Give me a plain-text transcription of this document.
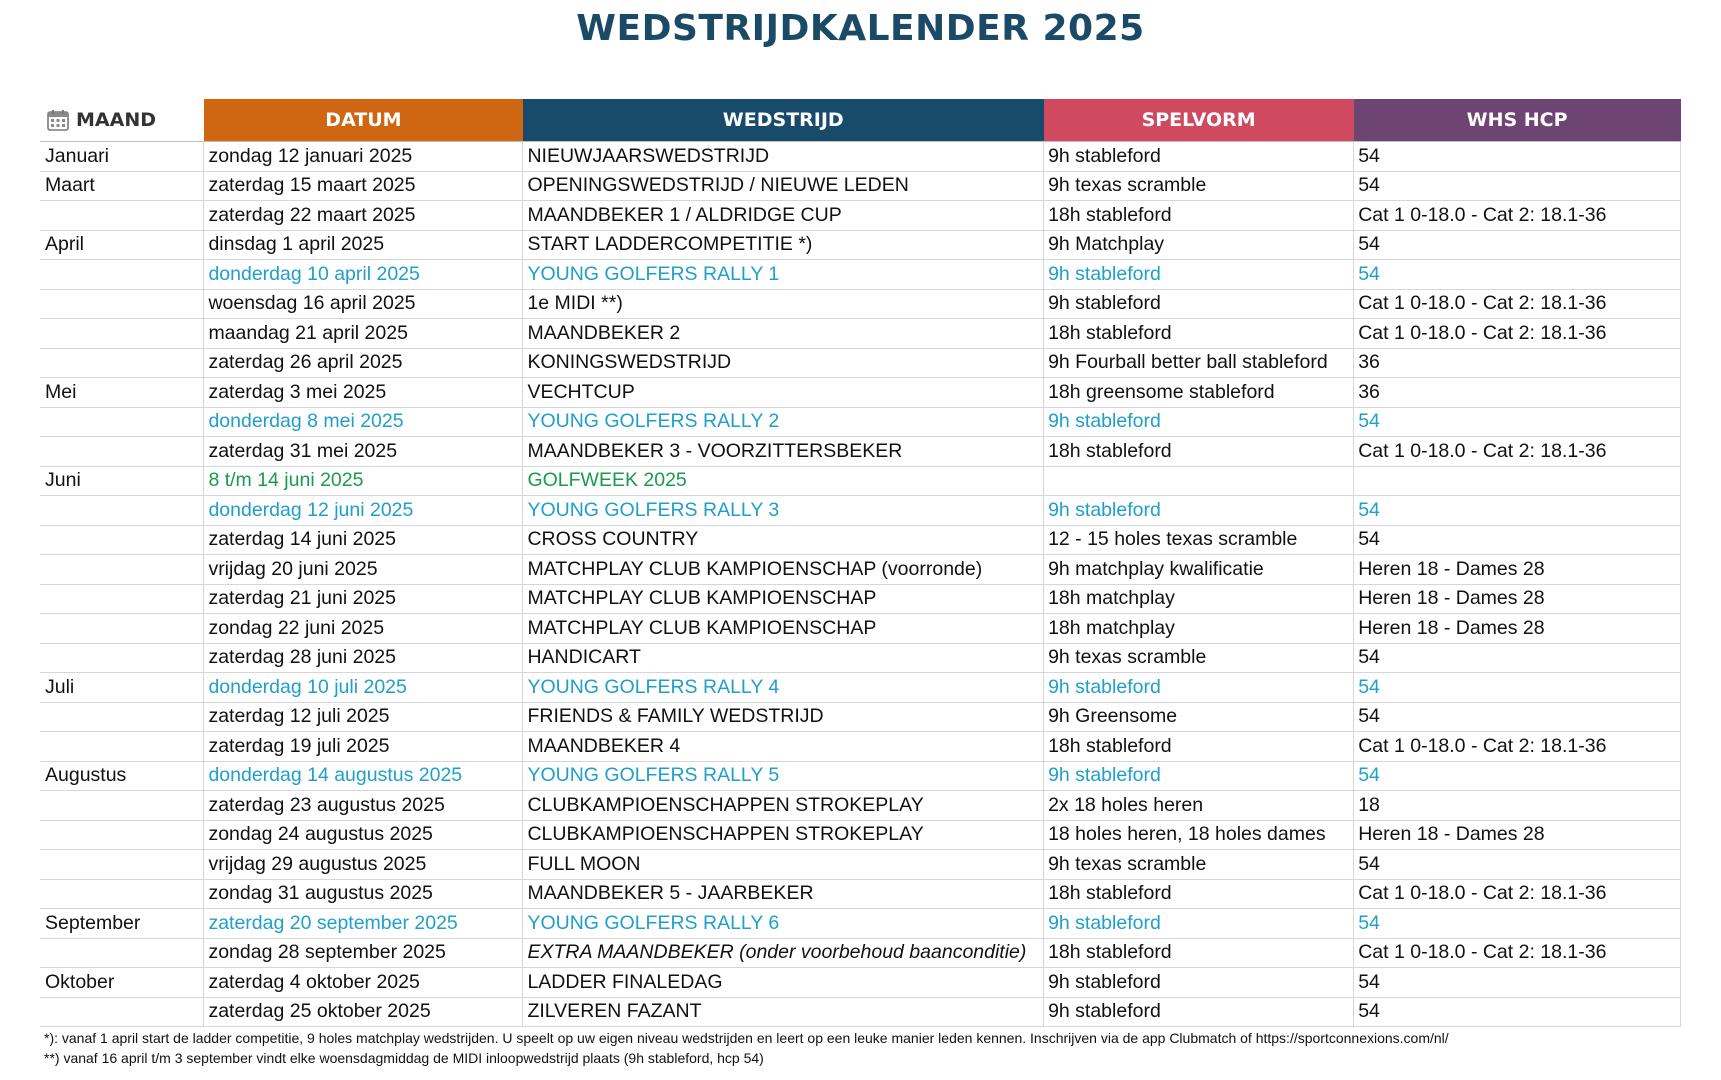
WEDSTRIJDKALENDER 2025
MAAND	DATUM	WEDSTRIJD	SPELVORM	WHS HCP
Januari	zondag 12 januari 2025	NIEUWJAARSWEDSTRIJD	9h stableford	54
Maart	zaterdag 15 maart 2025	OPENINGSWEDSTRIJD / NIEUWE LEDEN	9h texas scramble	54
	zaterdag 22 maart 2025	MAANDBEKER 1 / ALDRIDGE CUP	18h stableford	Cat 1 0-18.0 - Cat 2: 18.1-36
April	dinsdag 1 april 2025	START LADDERCOMPETITIE *)	9h Matchplay	54
	donderdag 10 april 2025	YOUNG GOLFERS RALLY 1	9h stableford	54
	woensdag 16 april 2025	1e MIDI **)	9h stableford	Cat 1 0-18.0 - Cat 2: 18.1-36
	maandag 21 april 2025	MAANDBEKER 2	18h stableford	Cat 1 0-18.0 - Cat 2: 18.1-36
	zaterdag 26 april 2025	KONINGSWEDSTRIJD	9h Fourball better ball stableford	36
Mei	zaterdag 3 mei 2025	VECHTCUP	18h greensome stableford	36
	donderdag 8 mei 2025	YOUNG GOLFERS RALLY 2	9h stableford	54
	zaterdag 31 mei 2025	MAANDBEKER 3 - VOORZITTERSBEKER	18h stableford	Cat 1 0-18.0 - Cat 2: 18.1-36
Juni	8 t/m 14 juni 2025	GOLFWEEK 2025		
	donderdag 12 juni 2025	YOUNG GOLFERS RALLY 3	9h stableford	54
	zaterdag 14 juni 2025	CROSS COUNTRY	12 - 15 holes texas scramble	54
	vrijdag 20 juni 2025	MATCHPLAY CLUB KAMPIOENSCHAP (voorronde)	9h matchplay kwalificatie	Heren 18 - Dames 28
	zaterdag 21 juni 2025	MATCHPLAY CLUB KAMPIOENSCHAP	18h matchplay	Heren 18 - Dames 28
	zondag 22 juni 2025	MATCHPLAY CLUB KAMPIOENSCHAP	18h matchplay	Heren 18 - Dames 28
	zaterdag 28 juni 2025	HANDICART	9h texas scramble	54
Juli	donderdag 10 juli 2025	YOUNG GOLFERS RALLY 4	9h stableford	54
	zaterdag 12 juli 2025	FRIENDS & FAMILY WEDSTRIJD	9h Greensome	54
	zaterdag 19 juli 2025	MAANDBEKER 4	18h stableford	Cat 1 0-18.0 - Cat 2: 18.1-36
Augustus	donderdag 14 augustus 2025	YOUNG GOLFERS RALLY 5	9h stableford	54
	zaterdag 23 augustus 2025	CLUBKAMPIOENSCHAPPEN STROKEPLAY	2x 18 holes heren	18
	zondag 24 augustus 2025	CLUBKAMPIOENSCHAPPEN STROKEPLAY	18 holes heren, 18 holes dames	Heren 18 - Dames 28
	vrijdag 29 augustus 2025	FULL MOON	9h texas scramble	54
	zondag 31 augustus 2025	MAANDBEKER 5 - JAARBEKER	18h stableford	Cat 1 0-18.0 - Cat 2: 18.1-36
September	zaterdag 20 september 2025	YOUNG GOLFERS RALLY 6	9h stableford	54
	zondag 28 september 2025	EXTRA MAANDBEKER (onder voorbehoud baanconditie)	18h stableford	Cat 1 0-18.0 - Cat 2: 18.1-36
Oktober	zaterdag 4 oktober 2025	LADDER FINALEDAG	9h stableford	54
	zaterdag 25 oktober 2025	ZILVEREN FAZANT	9h stableford	54
*): vanaf 1 april start de ladder competitie, 9 holes matchplay wedstrijden. U speelt op uw eigen niveau wedstrijden en leert op een leuke manier leden kennen. Inschrijven via de app Clubmatch of https://sportconnexions.com/nl/
**) vanaf 16 april t/m 3 september vindt elke woensdagmiddag de MIDI inloopwedstrijd plaats (9h stableford, hcp 54)
